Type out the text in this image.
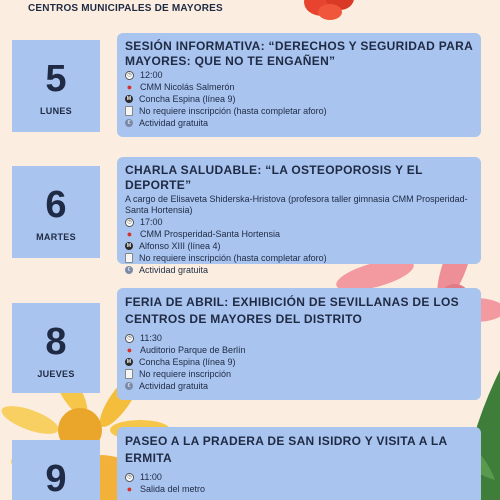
CENTROS MUNICIPALES DE MAYORES
5
LUNES

SESIÓN INFORMATIVA: “DERECHOS Y SEGURIDAD PARA MAYORES: QUE NO TE ENGAÑEN”

◷ 12:00
● CMM Nicolás Salmerón
M Concha Espina (línea 9)
No requiere inscripción (hasta completar aforo)
€ Actividad gratuita
6
MARTES

CHARLA SALUDABLE: “LA OSTEOPOROSIS Y EL DEPORTE”

A cargo de Elisaveta Shiderska-Hristova (profesora taller gimnasia CMM Prosperidad-Santa Hortensia)

◷ 17:00
● CMM Prosperidad-Santa Hortensia
M Alfonso XIII (línea 4)
No requiere inscripción (hasta completar aforo)
€ Actividad gratuita
8
JUEVES

FERIA DE ABRIL: EXHIBICIÓN DE SEVILLANAS DE LOS CENTROS DE MAYORES DEL DISTRITO

◷ 11:30
● Auditorio Parque de Berlín
M Concha Espina (línea 9)
No requiere inscripción
€ Actividad gratuita
9

PASEO A LA PRADERA DE SAN ISIDRO Y VISITA A LA ERMITA

◷ 11:00
● Salida del metro
